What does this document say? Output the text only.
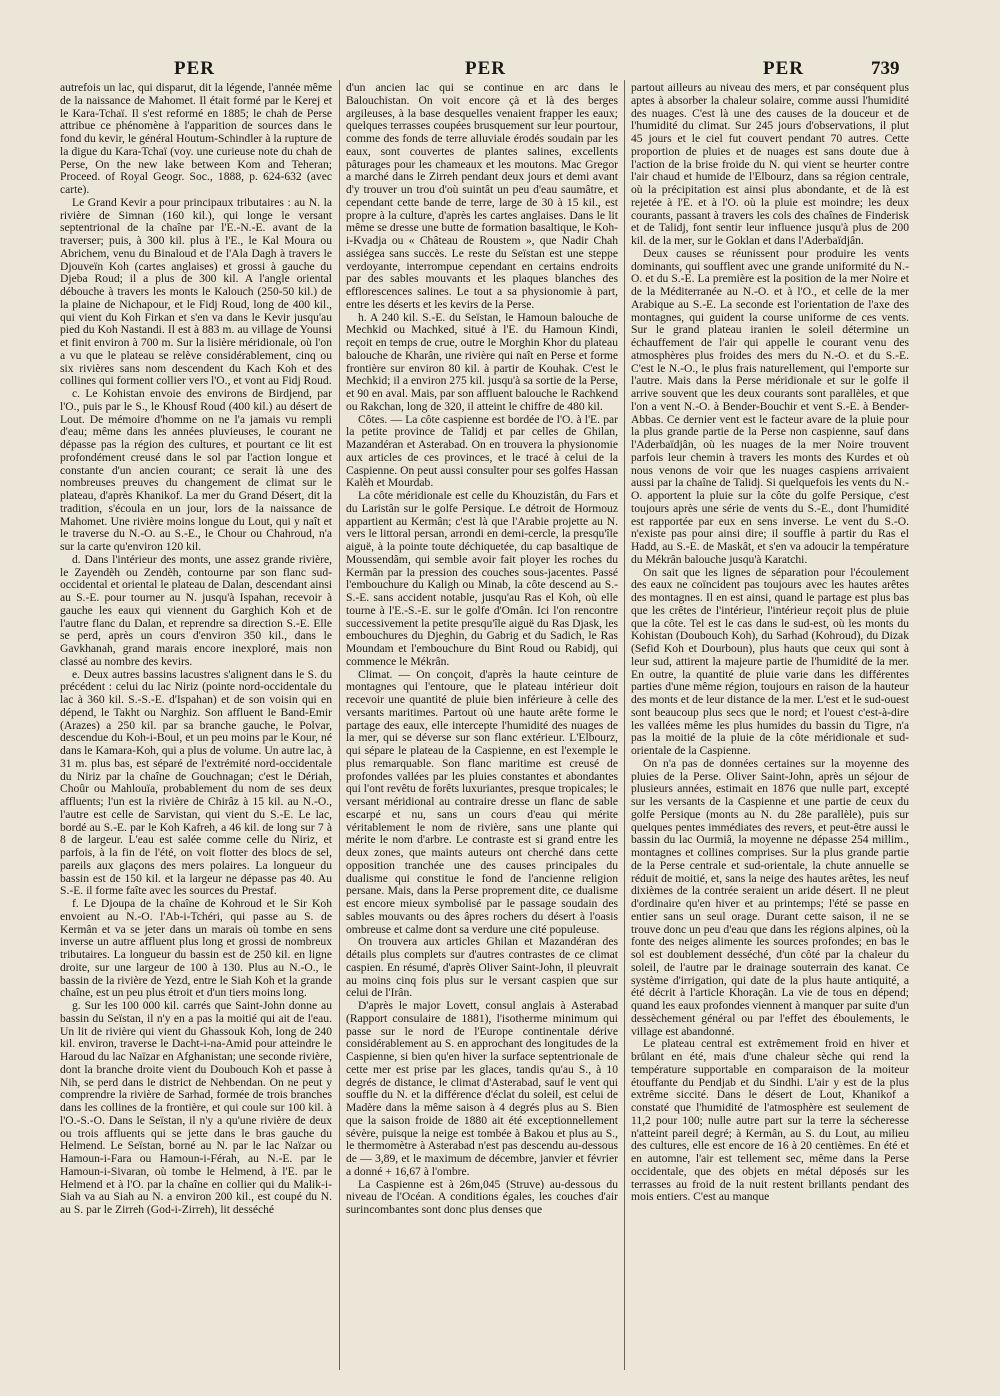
PER	PER	PER	739

autrefois un lac, qui disparut, dit la légende, l'année même de la naissance de Mahomet. Il était formé par le Kerej et le Kara-Tchaï. Il s'est reformé en 1885; le chah de Perse attribue ce phénomène à l'apparition de sources dans le fond du kevir, le général Houtum-Schindler à la rupture de la digue du Kara-Tchaï (voy. une curieuse note du chah de Perse, On the new lake between Kom and Teheran; Proceed. of Royal Geogr. Soc., 1888, p. 624-632 (avec carte).

Le Grand Kevir a pour principaux tributaires : au N. la rivière de Simnan (160 kil.), qui longe le versant septentrional de la chaîne par l'E.-N.-E. avant de la traverser; puis, à 300 kil. plus à l'E., le Kal Moura ou Abrichem, venu du Binaloud et de l'Ala Dagh à travers le Djouveïn Koh (cartes anglaises) et grossi à gauche du Djeba Roud; il a plus de 300 kil. A l'angle oriental débouche à travers les monts le Kalouch (250-50 kil.) de la plaine de Nichapour, et le Fidj Roud, long de 400 kil., qui vient du Koh Firkan et s'en va dans le Kevir jusqu'au pied du Koh Nastandi. Il est à 883 m. au village de Younsi et finit environ à 700 m. Sur la lisière méridionale, où l'on a vu que le plateau se relève considérablement, cinq ou six rivières sans nom descendent du Kach Koh et des collines qui forment collier vers l'O., et vont au Fidj Roud.

c. Le Kohistan envoie des environs de Birdjend, par l'O., puis par le S., le Khousf Roud (400 kil.) au désert de Lout. De mémoire d'homme on ne l'a jamais vu rempli d'eau; même dans les années pluvieuses, le courant ne dépasse pas la région des cultures, et pourtant ce lit est profondément creusé dans le sol par l'action longue et constante d'un ancien courant; ce serait là une des nombreuses preuves du changement de climat sur le plateau, d'après Khanikof. La mer du Grand Désert, dit la tradition, s'écoula en un jour, lors de la naissance de Mahomet. Une rivière moins longue du Lout, qui y naît et le traverse du N.-O. au S.-E., le Chour ou Chahroud, n'a sur la carte qu'environ 120 kil.

d. Dans l'intérieur des monts, une assez grande rivière, le Zayendèh ou Zendèh, contourne par son flanc sud-occidental et oriental le plateau de Dalan, descendant ainsi au S.-E. pour tourner au N. jusqu'à Ispahan, recevoir à gauche les eaux qui viennent du Garghich Koh et de l'autre flanc du Dalan, et reprendre sa direction S.-E. Elle se perd, après un cours d'environ 350 kil., dans le Gavkhanah, grand marais encore inexploré, mais non classé au nombre des kevirs.

e. Deux autres bassins lacustres s'alignent dans le S. du précédent : celui du lac Niriz (pointe nord-occidentale du lac à 360 kil. S.-S.-E. d'Ispahan) et de son voisin qui en dépend, le Takht ou Narghiz. Son affluent le Band-Emir (Arazes) a 250 kil. par sa branche gauche, le Polvar, descendue du Koh-i-Boul, et un peu moins par le Kour, né dans le Kamara-Koh, qui a plus de volume. Un autre lac, à 31 m. plus bas, est séparé de l'extrémité nord-occidentale du Niriz par la chaîne de Gouchnagan; c'est le Dériah, Choûr ou Mahlouïa, probablement du nom de ses deux affluents; l'un est la rivière de Chirâz à 15 kil. au N.-O., l'autre est celle de Sarvistan, qui vient du S.-E. Le lac, bordé au S.-E. par le Koh Kafreh, a 46 kil. de long sur 7 à 8 de largeur. L'eau est salée comme celle du Niriz, et parfois, à la fin de l'été, on voit flotter des blocs de sel, pareils aux glaçons des mers polaires. La longueur du bassin est de 150 kil. et la largeur ne dépasse pas 40. Au S.-E. il forme faîte avec les sources du Prestaf.

f. Le Djoupa de la chaîne de Kohroud et le Sir Koh envoient au N.-O. l'Ab-i-Tchéri, qui passe au S. de Kermân et va se jeter dans un marais où tombe en sens inverse un autre affluent plus long et grossi de nombreux tributaires. La longueur du bassin est de 250 kil. en ligne droite, sur une largeur de 100 à 130. Plus au N.-O., le bassin de la rivière de Yezd, entre le Siah Koh et la grande chaîne, est un peu plus étroit et d'un tiers moins long.

g. Sur les 100 000 kil. carrés que Saint-John donne au bassin du Seïstan, il n'y en a pas la moitié qui ait de l'eau. Un lit de rivière qui vient du Ghassouk Koh, long de 240 kil. environ, traverse le Dacht-i-na-Amid pour atteindre le Haroud du lac Naïzar en Afghanistan; une seconde rivière, dont la branche droite vient du Doubouch Koh et passe à Nih, se perd dans le district de Nehbendan. On ne peut y comprendre la rivière de Sarhad, formée de trois branches dans les collines de la frontière, et qui coule sur 100 kil. à l'O.-S.-O. Dans le Seïstan, il n'y a qu'une rivière de deux ou trois affluents qui se jette dans le bras gauche du Helmend. Le Seïstan, borné au N. par le lac Naïzar ou Hamoun-i-Fara ou Hamoun-i-Férah, au N.-E. par le Hamoun-i-Sivaran, où tombe le Helmend, à l'E. par le Helmend et à l'O. par la chaîne en collier qui du Malik-i-Siah va au Siah au N. a environ 200 kil., est coupé du N. au S. par le Zirreh (God-i-Zirreh), lit desséché

d'un ancien lac qui se continue en arc dans le Balouchistan. On voit encore çà et là des berges argileuses, à la base desquelles venaient frapper les eaux; quelques terrasses coupées brusquement sur leur pourtour, comme des fonds de terre alluviale érodés soudain par les eaux, sont couvertes de plantes salines, excellents pâturages pour les chameaux et les moutons. Mac Gregor a marché dans le Zirreh pendant deux jours et demi avant d'y trouver un trou d'où suintât un peu d'eau saumâtre, et cependant cette bande de terre, large de 30 à 15 kil., est propre à la culture, d'après les cartes anglaises. Dans le lit même se dresse une butte de formation basaltique, le Koh-i-Kvadja ou « Château de Roustem », que Nadir Chah assiégea sans succès. Le reste du Seïstan est une steppe verdoyante, interrompue cependant en certains endroits par des sables mouvants et les plaques blanches des efflorescences salines. Le tout a sa physionomie à part, entre les déserts et les kevirs de la Perse.

h. A 240 kil. S.-E. du Seïstan, le Hamoun balouche de Mechkid ou Machked, situé à l'E. du Hamoun Kindi, reçoit en temps de crue, outre le Morghin Khor du plateau balouche de Kharân, une rivière qui naît en Perse et forme frontière sur environ 80 kil. à partir de Kouhak. C'est le Mechkid; il a environ 275 kil. jusqu'à sa sortie de la Perse, et 90 en aval. Mais, par son affluent balouche le Rachkend ou Rakchan, long de 320, il atteint le chiffre de 480 kil.

Côtes. — La côte caspienne est bordée de l'O. à l'E. par la petite province de Talidj et par celles de Ghilan, Mazandéran et Asterabad. On en trouvera la physionomie aux articles de ces provinces, et le tracé à celui de la Caspienne. On peut aussi consulter pour ses golfes Hassan Kalèh et Mourdab.

La côte méridionale est celle du Khouzistân, du Fars et du Laristân sur le golfe Persique. Le détroit de Hormouz appartient au Kermân; c'est là que l'Arabie projette au N. vers le littoral persan, arrondi en demi-cercle, la presqu'île aiguë, à la pointe toute déchiquetée, du cap basaltique de Moussendâm, qui semble avoir fait ployer les roches du Kermân par la pression des couches sous-jacentes. Passé l'embouchure du Kaligh ou Minab, la côte descend au S.-S.-E. sans accident notable, jusqu'au Ras el Koh, où elle tourne à l'E.-S.-E. sur le golfe d'Omân. Ici l'on rencontre successivement la petite presqu'île aiguë du Ras Djask, les embouchures du Djeghin, du Gabrig et du Sadich, le Ras Moundam et l'embouchure du Bint Roud ou Rabidj, qui commence le Mékrân.

Climat. — On conçoit, d'après la haute ceinture de montagnes qui l'entoure, que le plateau intérieur doit recevoir une quantité de pluie bien inférieure à celle des versants maritimes. Partout où une haute arête forme le partage des eaux, elle intercepte l'humidité des nuages de la mer, qui se déverse sur son flanc extérieur. L'Elbourz, qui sépare le plateau de la Caspienne, en est l'exemple le plus remarquable. Son flanc maritime est creusé de profondes vallées par les pluies constantes et abondantes qui l'ont revêtu de forêts luxuriantes, presque tropicales; le versant méridional au contraire dresse un flanc de sable escarpé et nu, sans un cours d'eau qui mérite véritablement le nom de rivière, sans une plante qui mérite le nom d'arbre. Le contraste est si grand entre les deux zones, que maints auteurs ont cherché dans cette opposition tranchée une des causes principales du dualisme qui constitue le fond de l'ancienne religion persane. Mais, dans la Perse proprement dite, ce dualisme est encore mieux symbolisé par le passage soudain des sables mouvants ou des âpres rochers du désert à l'oasis ombreuse et calme dont sa verdure une cité populeuse.

On trouvera aux articles Ghilan et Mazandéran des détails plus complets sur d'autres contrastes de ce climat caspien. En résumé, d'après Oliver Saint-John, il pleuvrait au moins cinq fois plus sur le versant caspien que sur celui de l'Irân.

D'après le major Lovett, consul anglais à Asterabad (Rapport consulaire de 1881), l'isotherme minimum qui passe sur le nord de l'Europe continentale dérive considérablement au S. en approchant des longitudes de la Caspienne, si bien qu'en hiver la surface septentrionale de cette mer est prise par les glaces, tandis qu'au S., à 10 degrés de distance, le climat d'Asterabad, sauf le vent qui souffle du N. et la différence d'éclat du soleil, est celui de Madère dans la même saison à 4 degrés plus au S. Bien que la saison froide de 1880 ait été exceptionnellement sévère, puisque la neige est tombée à Bakou et plus au S., le thermomètre à Asterabad n'est pas descendu au-dessous de — 3,89, et le maximum de décembre, janvier et février a donné + 16,67 à l'ombre.

La Caspienne est à 26m,045 (Struve) au-dessous du niveau de l'Océan. A conditions égales, les couches d'air surincombantes sont donc plus denses que

partout ailleurs au niveau des mers, et par conséquent plus aptes à absorber la chaleur solaire, comme aussi l'humidité des nuages. C'est là une des causes de la douceur et de l'humidité du climat. Sur 245 jours d'observations, il plut 45 jours et le ciel fut couvert pendant 70 autres. Cette proportion de pluies et de nuages est sans doute due à l'action de la brise froide du N. qui vient se heurter contre l'air chaud et humide de l'Elbourz, dans sa région centrale, où la précipitation est ainsi plus abondante, et de là est rejetée à l'E. et à l'O. où la pluie est moindre; les deux courants, passant à travers les cols des chaînes de Finderisk et de Talidj, font sentir leur influence jusqu'à plus de 200 kil. de la mer, sur le Goklan et dans l'Aderbaïdjân.

Deux causes se réunissent pour produire les vents dominants, qui soufflent avec une grande uniformité du N.-O. et du S.-E. La première est la position de la mer Noire et de la Méditerranée au N.-O. et à l'O., et celle de la mer Arabique au S.-E. La seconde est l'orientation de l'axe des montagnes, qui guident la course uniforme de ces vents. Sur le grand plateau iranien le soleil détermine un échauffement de l'air qui appelle le courant venu des atmosphères plus froides des mers du N.-O. et du S.-E. C'est le N.-O., le plus frais naturellement, qui l'emporte sur l'autre. Mais dans la Perse méridionale et sur le golfe il arrive souvent que les deux courants sont parallèles, et que l'on a vent N.-O. à Bender-Bouchir et vent S.-E. à Bender-Abbas. Ce dernier vent est le facteur avare de la pluie pour la plus grande partie de la Perse non caspienne, sauf dans l'Aderbaïdjân, où les nuages de la mer Noire trouvent parfois leur chemin à travers les monts des Kurdes et où nous venons de voir que les nuages caspiens arrivaient aussi par la chaîne de Talidj. Si quelquefois les vents du N.-O. apportent la pluie sur la côte du golfe Persique, c'est toujours après une série de vents du S.-E., dont l'humidité est rapportée par eux en sens inverse. Le vent du S.-O. n'existe pas pour ainsi dire; il souffle à partir du Ras el Hadd, au S.-E. de Maskât, et s'en va adoucir la température du Mékrân balouche jusqu'à Karatchi.

On sait que les lignes de séparation pour l'écoulement des eaux ne coïncident pas toujours avec les hautes arêtes des montagnes. Il en est ainsi, quand le partage est plus bas que les crêtes de l'intérieur, l'intérieur reçoit plus de pluie que la côte. Tel est le cas dans le sud-est, où les monts du Kohistan (Doubouch Koh), du Sarhad (Kohroud), du Dizak (Sefid Koh et Dourboun), plus hauts que ceux qui sont à leur sud, attirent la majeure partie de l'humidité de la mer. En outre, la quantité de pluie varie dans les différentes parties d'une même région, toujours en raison de la hauteur des monts et de leur distance de la mer. L'est et le sud-ouest sont beaucoup plus secs que le nord; et l'ouest c'est-à-dire les vallées même les plus humides du bassin du Tigre, n'a pas la moitié de la pluie de la côte méridionale et sud-orientale de la Caspienne.

On n'a pas de données certaines sur la moyenne des pluies de la Perse. Oliver Saint-John, après un séjour de plusieurs années, estimait en 1876 que nulle part, excepté sur les versants de la Caspienne et une partie de ceux du golfe Persique (monts au N. du 28e parallèle), puis sur quelques pentes immédiates des revers, et peut-être aussi le bassin du lac Ourmiâ, la moyenne ne dépasse 254 millim., montagnes et collines comprises. Sur la plus grande partie de la Perse centrale et sud-orientale, la chute annuelle se réduit de moitié, et, sans la neige des hautes arêtes, les neuf dixièmes de la contrée seraient un aride désert. Il ne pleut d'ordinaire qu'en hiver et au printemps; l'été se passe en entier sans un seul orage. Durant cette saison, il ne se trouve donc un peu d'eau que dans les régions alpines, où la fonte des neiges alimente les sources profondes; en bas le sol est doublement desséché, d'un côté par la chaleur du soleil, de l'autre par le drainage souterrain des kanat. Ce système d'irrigation, qui date de la plus haute antiquité, a été décrit à l'article Khoraçân. La vie de tous en dépend; quand les eaux profondes viennent à manquer par suite d'un dessèchement général ou par l'effet des éboulements, le village est abandonné.

Le plateau central est extrêmement froid en hiver et brûlant en été, mais d'une chaleur sèche qui rend la température supportable en comparaison de la moiteur étouffante du Pendjab et du Sindhi. L'air y est de la plus extrême siccité. Dans le désert de Lout, Khanikof a constaté que l'humidité de l'atmosphère est seulement de 11,2 pour 100; nulle autre part sur la terre la sécheresse n'atteint pareil degré; à Kermân, au S. du Lout, au milieu des cultures, elle est encore de 16 à 20 centièmes. En été et en automne, l'air est tellement sec, même dans la Perse occidentale, que des objets en métal déposés sur les terrasses au froid de la nuit restent brillants pendant des mois entiers. C'est au manque
